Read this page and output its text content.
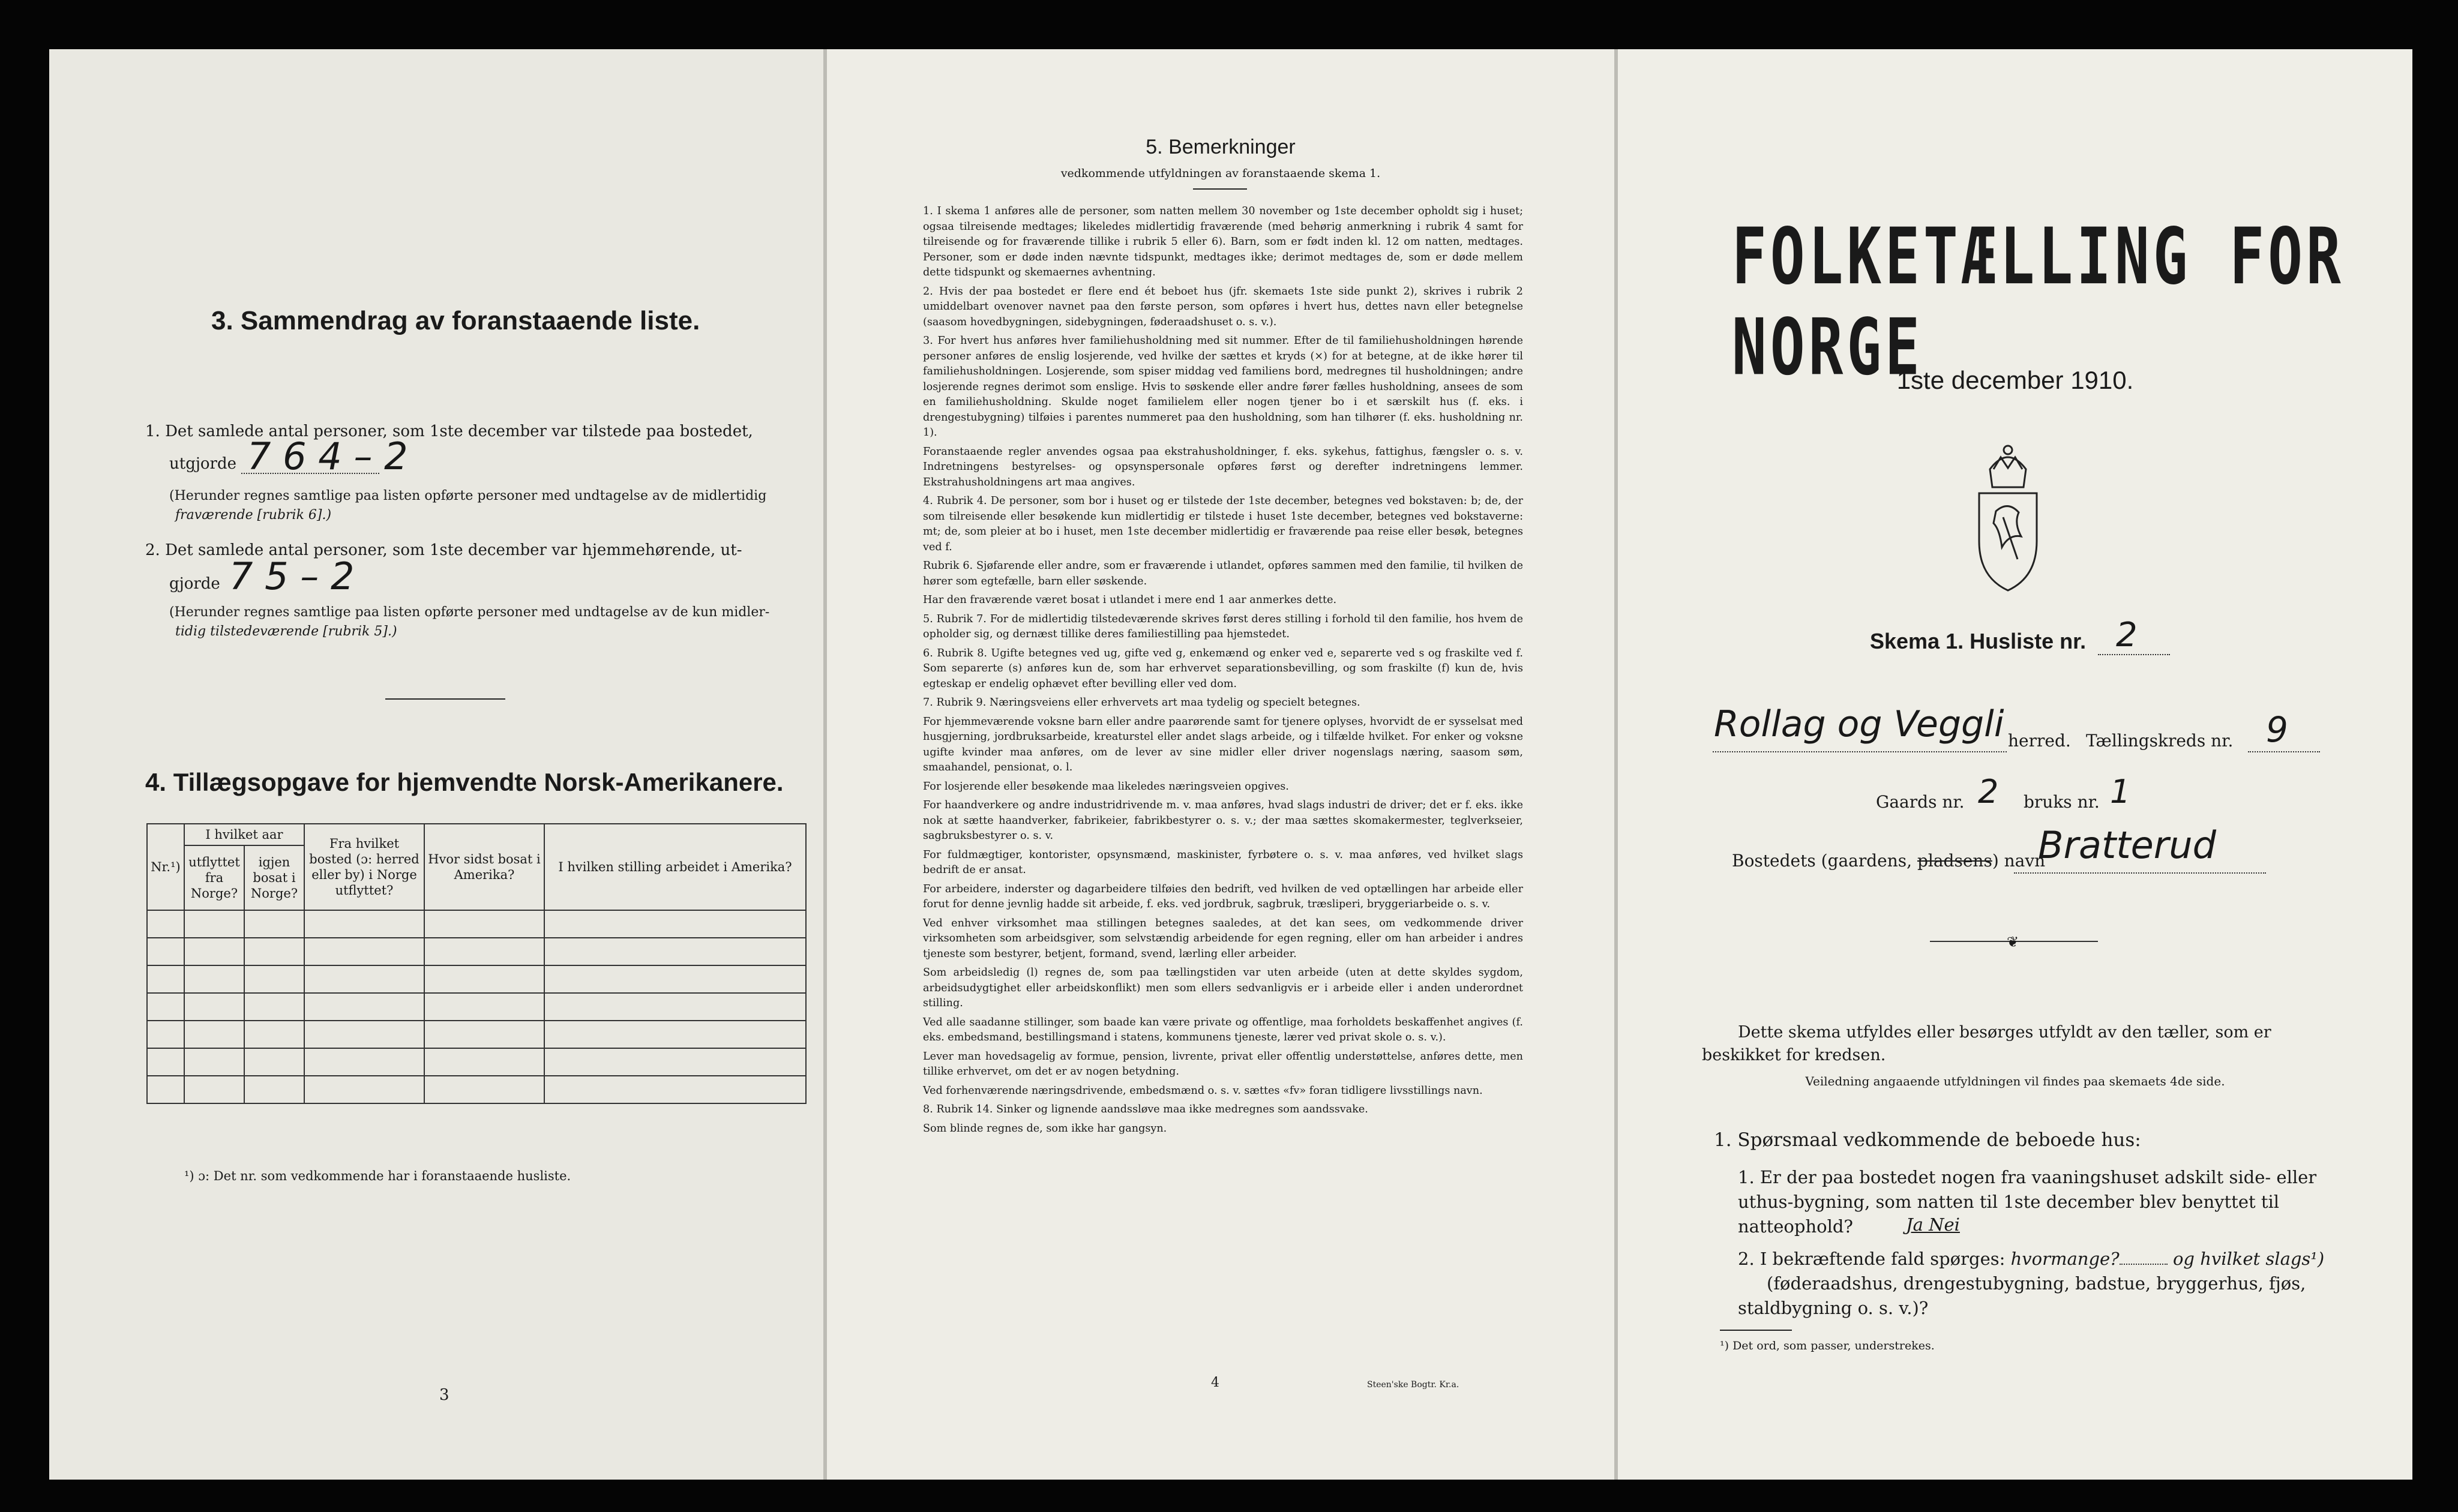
3. Sammendrag av foranstaaende liste.
1. Det samlede antal personer, som 1ste december var tilstede paa bostedet,
utgjorde 7 6 4 – 2
(Herunder regnes samtlige paa listen opførte personer med undtagelse av de midlertidig
fraværende [rubrik 6].)
2. Det samlede antal personer, som 1ste december var hjemmehørende, ut-
gjorde 7 5 – 2
(Herunder regnes samtlige paa listen opførte personer med undtagelse av de kun midler-
tidig tilstedeværende [rubrik 5].)
4. Tillægsopgave for hjemvendte Norsk-Amerikanere.
Nr.¹)	I hvilket aar		Fra hvilket bosted (ɔ: herred eller by) i Norge utflyttet?	Hvor sidst bosat i Amerika?	I hvilken stilling arbeidet i Amerika?
	utflyttet fra Norge?	igjen bosat i Norge?			

¹) ɔ: Det nr. som vedkommende har i foranstaaende husliste.
3
5. Bemerkninger
vedkommende utfyldningen av foranstaaende skema 1.

1. I skema 1 anføres alle de personer, som natten mellem 30 november og 1ste december opholdt sig i huset; ogsaa tilreisende medtages; likeledes midlertidig fraværende (med behørig anmerkning i rubrik 4 samt for tilreisende og for fraværende tillike i rubrik 5 eller 6). Barn, som er født inden kl. 12 om natten, medtages. Personer, som er døde inden nævnte tidspunkt, medtages ikke; derimot medtages de, som er døde mellem dette tidspunkt og skemaernes avhentning.

2. Hvis der paa bostedet er flere end ét beboet hus (jfr. skemaets 1ste side punkt 2), skrives i rubrik 2 umiddelbart ovenover navnet paa den første person, som opføres i hvert hus, dettes navn eller betegnelse (saasom hovedbygningen, sidebygningen, føderaadshuset o. s. v.).

3. For hvert hus anføres hver familiehusholdning med sit nummer. Efter de til familiehusholdningen hørende personer anføres de enslig losjerende, ved hvilke der sættes et kryds (×) for at betegne, at de ikke hører til familiehusholdningen. Losjerende, som spiser middag ved familiens bord, medregnes til husholdningen; andre losjerende regnes derimot som enslige. Hvis to søskende eller andre fører fælles husholdning, ansees de som en familiehusholdning. Skulde noget familielem eller nogen tjener bo i et særskilt hus (f. eks. i drengestubygning) tilføies i parentes nummeret paa den husholdning, som han tilhører (f. eks. husholdning nr. 1).

Foranstaaende regler anvendes ogsaa paa ekstrahusholdninger, f. eks. sykehus, fattighus, fængsler o. s. v. Indretningens bestyrelses- og opsynspersonale opføres først og derefter indretningens lemmer. Ekstrahusholdningens art maa angives.

4. Rubrik 4. De personer, som bor i huset og er tilstede der 1ste december, betegnes ved bokstaven: b; de, der som tilreisende eller besøkende kun midlertidig er tilstede i huset 1ste december, betegnes ved bokstaverne: mt; de, som pleier at bo i huset, men 1ste december midlertidig er fraværende paa reise eller besøk, betegnes ved f.

Rubrik 6. Sjøfarende eller andre, som er fraværende i utlandet, opføres sammen med den familie, til hvilken de hører som egtefælle, barn eller søskende.

Har den fraværende været bosat i utlandet i mere end 1 aar anmerkes dette.

5. Rubrik 7. For de midlertidig tilstedeværende skrives først deres stilling i forhold til den familie, hos hvem de opholder sig, og dernæst tillike deres familiestilling paa hjemstedet.

6. Rubrik 8. Ugifte betegnes ved ug, gifte ved g, enkemænd og enker ved e, separerte ved s og fraskilte ved f. Som separerte (s) anføres kun de, som har erhvervet separationsbevilling, og som fraskilte (f) kun de, hvis egteskap er endelig ophævet efter bevilling eller ved dom.

7. Rubrik 9. Næringsveiens eller erhvervets art maa tydelig og specielt betegnes.

For hjemmeværende voksne barn eller andre paarørende samt for tjenere oplyses, hvorvidt de er sysselsat med husgjerning, jordbruksarbeide, kreaturstel eller andet slags arbeide, og i tilfælde hvilket. For enker og voksne ugifte kvinder maa anføres, om de lever av sine midler eller driver nogenslags næring, saasom søm, smaahandel, pensionat, o. l.

For losjerende eller besøkende maa likeledes næringsveien opgives.

For haandverkere og andre industridrivende m. v. maa anføres, hvad slags industri de driver; det er f. eks. ikke nok at sætte haandverker, fabrikeier, fabrikbestyrer o. s. v.; der maa sættes skomakermester, teglverkseier, sagbruksbestyrer o. s. v.

For fuldmægtiger, kontorister, opsynsmænd, maskinister, fyrbøtere o. s. v. maa anføres, ved hvilket slags bedrift de er ansat.

For arbeidere, inderster og dagarbeidere tilføies den bedrift, ved hvilken de ved optællingen har arbeide eller forut for denne jevnlig hadde sit arbeide, f. eks. ved jordbruk, sagbruk, træsliperi, bryggeriarbeide o. s. v.

Ved enhver virksomhet maa stillingen betegnes saaledes, at det kan sees, om vedkommende driver virksomheten som arbeidsgiver, som selvstændig arbeidende for egen regning, eller om han arbeider i andres tjeneste som bestyrer, betjent, formand, svend, lærling eller arbeider.

Som arbeidsledig (l) regnes de, som paa tællingstiden var uten arbeide (uten at dette skyldes sygdom, arbeidsudygtighet eller arbeidskonflikt) men som ellers sedvanligvis er i arbeide eller i anden underordnet stilling.

Ved alle saadanne stillinger, som baade kan være private og offentlige, maa forholdets beskaffenhet angives (f. eks. embedsmand, bestillingsmand i statens, kommunens tjeneste, lærer ved privat skole o. s. v.).

Lever man hovedsagelig av formue, pension, livrente, privat eller offentlig understøttelse, anføres dette, men tillike erhvervet, om det er av nogen betydning.

Ved forhenværende næringsdrivende, embedsmænd o. s. v. sættes «fv» foran tidligere livsstillings navn.

8. Rubrik 14. Sinker og lignende aandssløve maa ikke medregnes som aandssvake.

Som blinde regnes de, som ikke har gangsyn.

4	Steen'ske Bogtr. Kr.a.
FOLKETÆLLING FOR NORGE
1ste december 1910.
Skema 1. Husliste nr. 2
Rollag og Veggli herred. Tællingskreds nr. 9
Gaards nr. 2 bruks nr. 1
Bostedets (gaardens, pladsens) navn
Bratterud
❦
Dette skema utfyldes eller besørges utfyldt av den tæller, som er beskikket for kredsen.
Veiledning angaaende utfyldningen vil findes paa skemaets 4de side.
1. Spørsmaal vedkommende de beboede hus:
1. Er der paa bostedet nogen fra vaaningshuset adskilt side- eller uthus-bygning, som natten til 1ste december blev benyttet til natteophold?	Ja Nei
2. I bekræftende fald spørges: hvormange?	og hvilket slags¹)
(føderaadshus, drengestubygning, badstue, bryggerhus, fjøs, staldbygning o. s. v.)?
¹) Det ord, som passer, understrekes.
